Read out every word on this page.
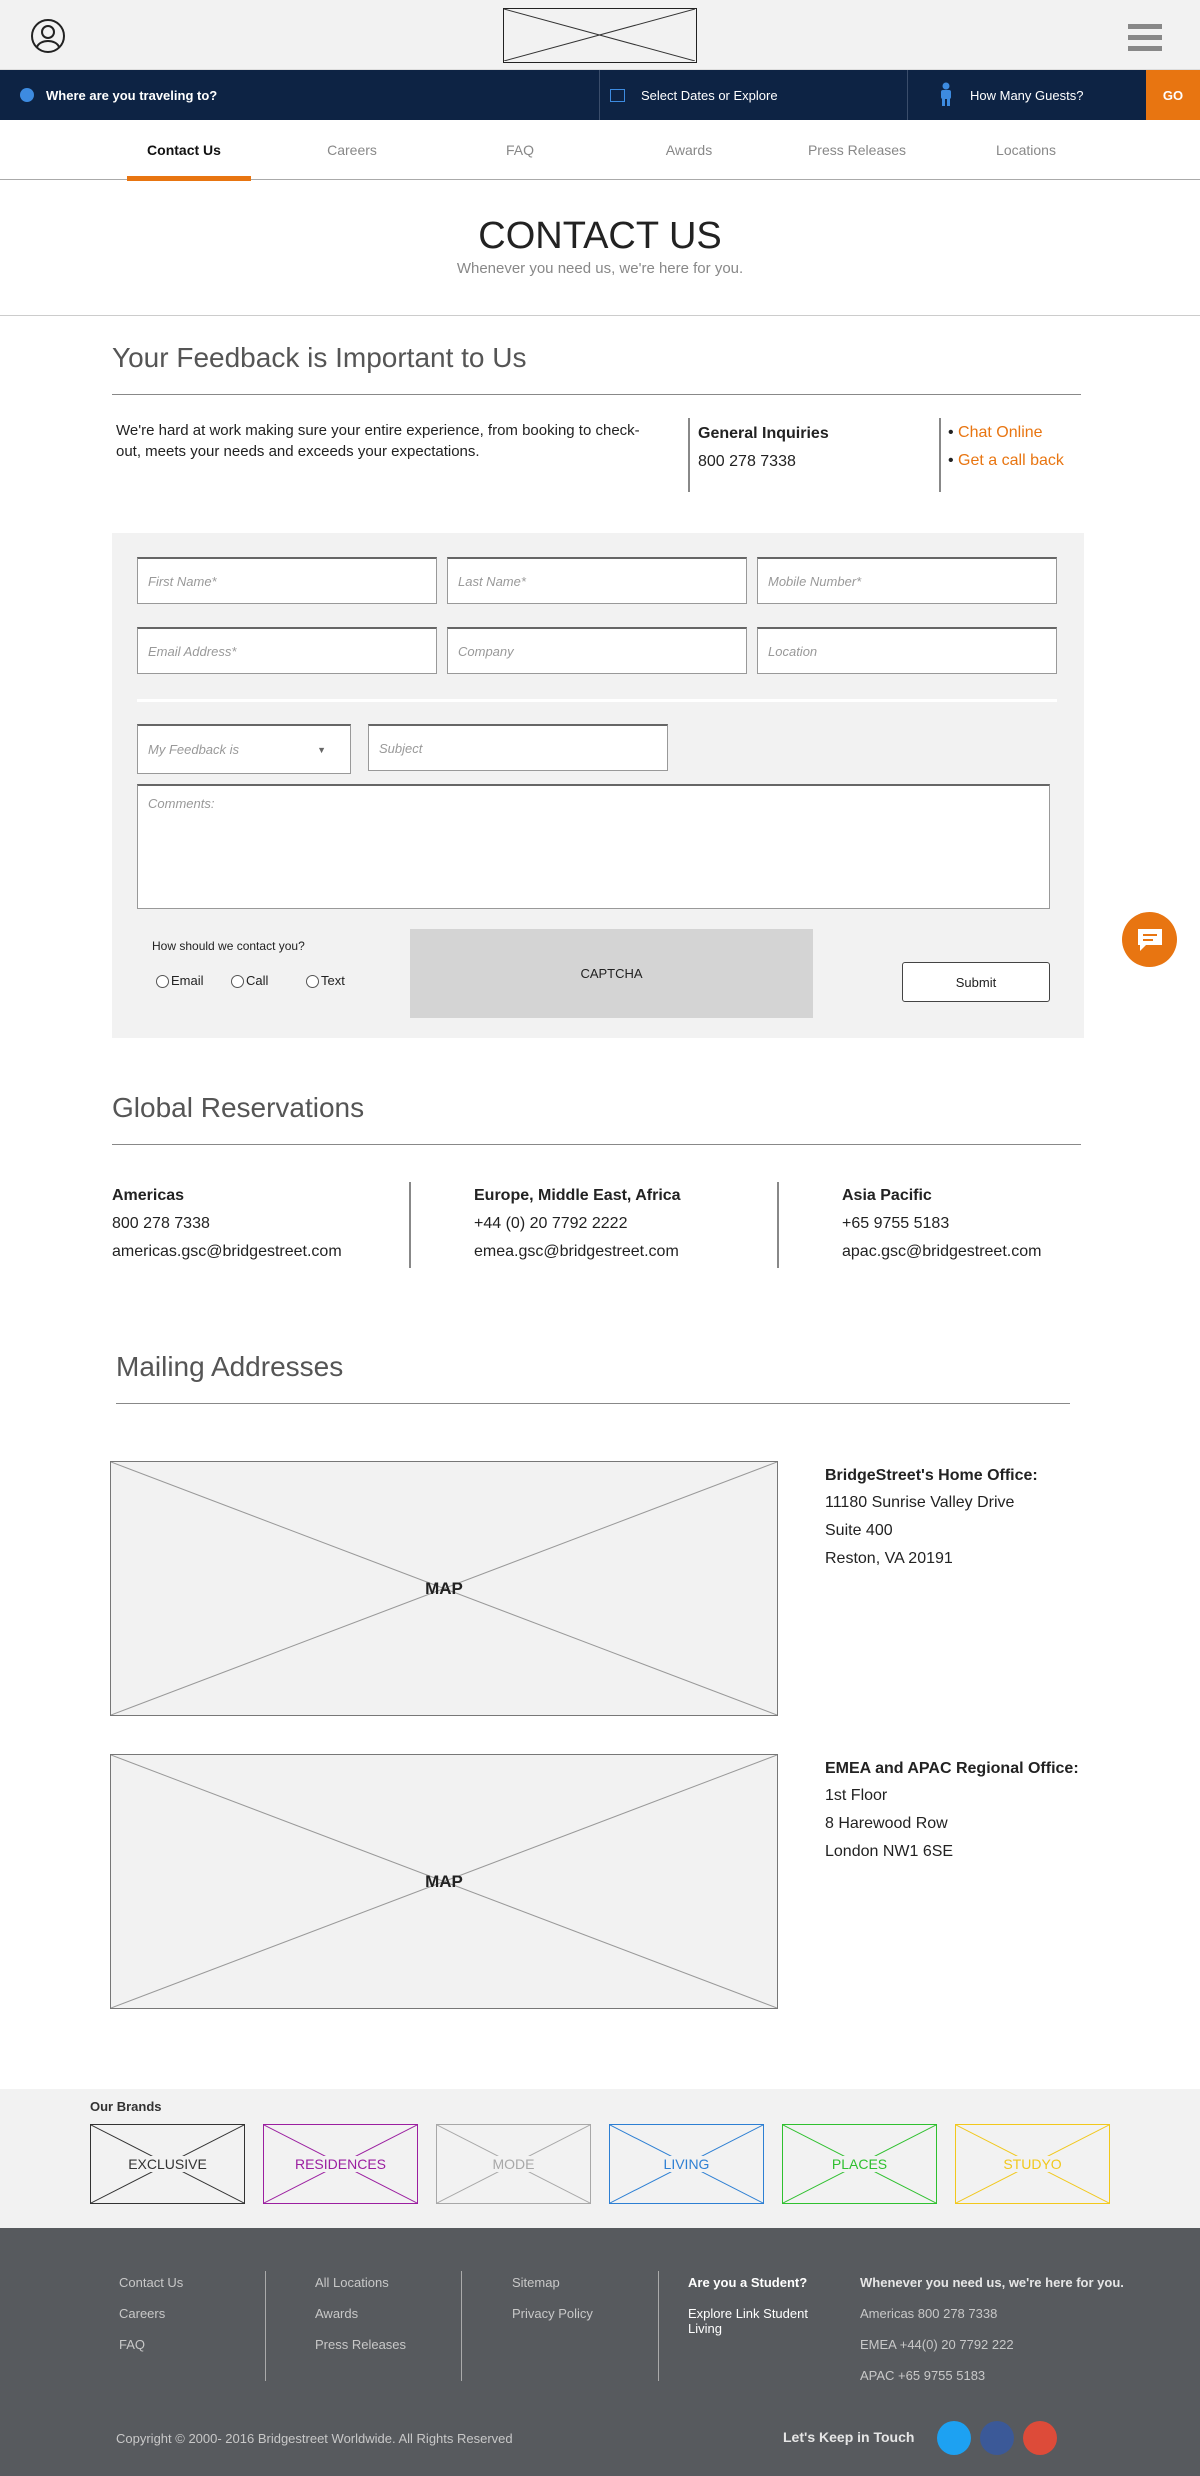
Where are you traveling to?	Select Dates or Explore	How Many Guests?	GO
Contact Us	Careers	FAQ	Awards	Press Releases	Locations
CONTACT US
Whenever you need us, we're here for you.
Your Feedback is Important to Us
We're hard at work making sure your entire experience, from booking to check-out, meets your needs and exceeds your expectations.
General Inquiries
800 278 7338
• Chat Online
• Get a call back
First Name*	Last Name*	Mobile Number*
Email Address*	Company	Location
My Feedback is	▼	Subject
Comments:
How should we contact you?
Email	Call	Text	CAPTCHA
Submit
Global Reservations
Americas
800 278 7338
americas.gsc@bridgestreet.com
Europe, Middle East, Africa
+44 (0) 20 7792 2222
emea.gsc@bridgestreet.com
Asia Pacific
+65 9755 5183
apac.gsc@bridgestreet.com
Mailing Addresses
MAP
BridgeStreet's Home Office:
11180 Sunrise Valley Drive
Suite 400
Reston, VA 20191
MAP
EMEA and APAC Regional Office:
1st Floor
8 Harewood Row
London NW1 6SE
Our Brands
EXCLUSIVE	RESIDENCES	MODE	LIVING	PLACES	STUDYO
Contact Us
Careers
FAQ
All Locations
Awards
Press Releases
Sitemap
Privacy Policy
Are you a Student?
Explore Link Student Living
Whenever you need us, we're here for you.
Americas 800 278 7338
EMEA +44(0) 20 7792 222
APAC +65 9755 5183
Copyright © 2000- 2016 Bridgestreet Worldwide. All Rights Reserved	Let's Keep in Touch
